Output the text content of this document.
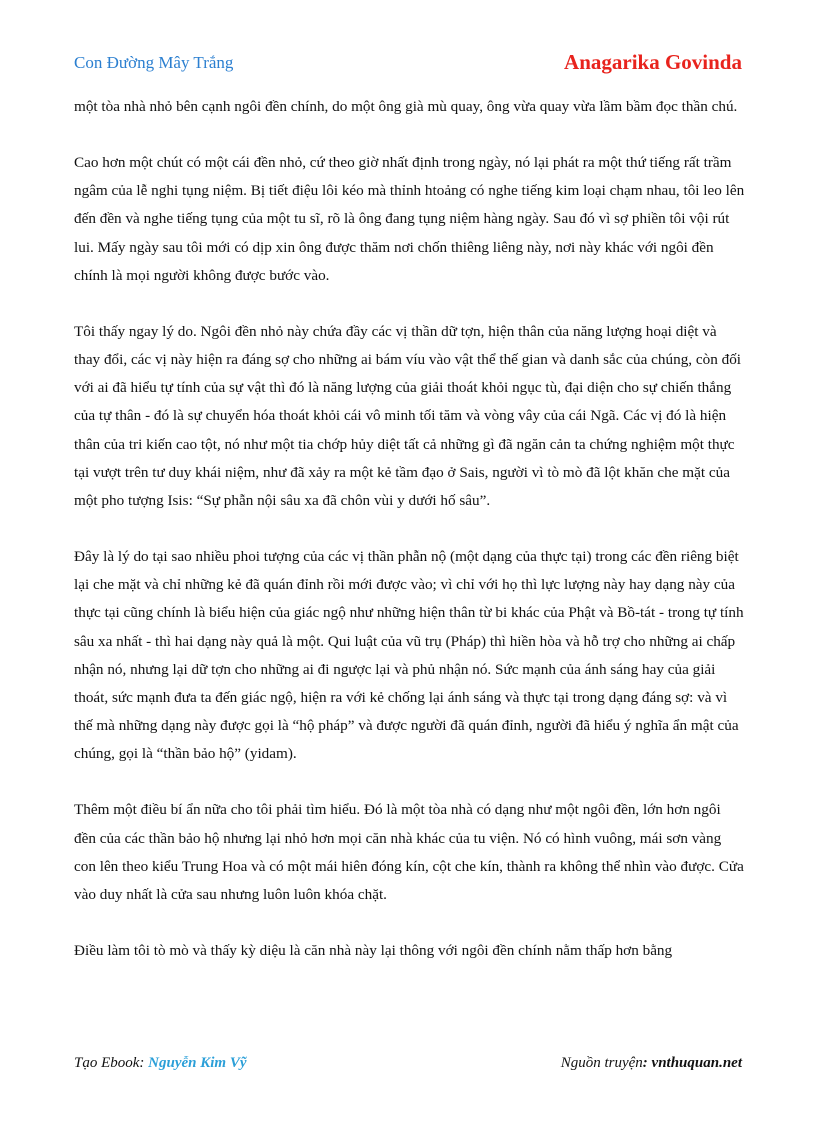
Con Đường Mây Trắng	Anagarika Govinda

một tòa nhà nhỏ bên cạnh ngôi đền chính, do một ông già mù quay, ông vừa quay vừa lầm bầm đọc thần chú.

Cao hơn một chút có một cái đền nhỏ, cứ theo giờ nhất định trong ngày, nó lại phát ra một thứ tiếng rất trầm ngâm của lễ nghi tụng niệm. Bị tiết điệu lôi kéo mà thỉnh htoảng có nghe tiếng kim loại chạm nhau, tôi leo lên đến đền và nghe tiếng tụng của một tu sĩ, rõ là ông đang tụng niệm hàng ngày. Sau đó vì sợ phiền tôi vội rút lui. Mấy ngày sau tôi mới có dịp xin ông được thăm nơi chốn thiêng liêng này, nơi này khác với ngôi đền chính là mọi người không được bước vào.

Tôi thấy ngay lý do. Ngôi đền nhỏ này chứa đầy các vị thần dữ tợn, hiện thân của năng lượng hoại diệt và thay đổi, các vị này hiện ra đáng sợ cho những ai bám víu vào vật thể thế gian và danh sắc của chúng, còn đối với ai đã hiểu tự tính của sự vật thì đó là năng lượng của giải thoát khỏi ngục tù, đại diện cho sự chiến thắng của tự thân - đó là sự chuyển hóa thoát khỏi cái vô minh tối tăm và vòng vây của cái Ngã. Các vị đó là hiện thân của tri kiến cao tột, nó như một tia chớp hủy diệt tất cả những gì đã ngăn cản ta chứng nghiệm một thực tại vượt trên tư duy khái niệm, như đã xảy ra một kẻ tầm đạo ở Sais, người vì tò mò đã lột khăn che mặt của một pho tượng Isis: “Sự phẫn nội sâu xa đã chôn vùi y dưới hố sâu”.

Đây là lý do tại sao nhiều phoi tượng của các vị thần phẫn nộ (một dạng của thực tại) trong các đền riêng biệt lại che mặt và chỉ những kẻ đã quán đỉnh rồi mới được vào; vì chỉ với họ thì lực lượng này hay dạng này của thực tại cũng chính là biểu hiện của giác ngộ như những hiện thân từ bi khác của Phật và Bồ-tát - trong tự tính sâu xa nhất - thì hai dạng này quả là một. Qui luật của vũ trụ (Pháp) thì hiền hòa và hỗ trợ cho những ai chấp nhận nó, nhưng lại dữ tợn cho những ai đi ngược lại và phủ nhận nó. Sức mạnh của ánh sáng hay của giải thoát, sức mạnh đưa ta đến giác ngộ, hiện ra với kẻ chống lại ánh sáng và thực tại trong dạng đáng sợ: và vì thế mà những dạng này được gọi là “hộ pháp” và được người đã quán đỉnh, người đã hiểu ý nghĩa ẩn mật của chúng, gọi là “thần bảo hộ” (yidam).

Thêm một điều bí ẩn nữa cho tôi phải tìm hiểu. Đó là một tòa nhà có dạng như một ngôi đền, lớn hơn ngôi đền của các thần bảo hộ nhưng lại nhỏ hơn mọi căn nhà khác của tu viện. Nó có hình vuông, mái sơn vàng con lên theo kiểu Trung Hoa và có một mái hiên đóng kín, cột che kín, thành ra không thể nhìn vào được. Cửa vào duy nhất là cửa sau nhưng luôn luôn khóa chặt.

Điều làm tôi tò mò và thấy kỳ diệu là căn nhà này lại thông với ngôi đền chính nằm thấp hơn bằng

Tạo Ebook: Nguyễn Kim Vỹ	Nguồn truyện: vnthuquan.net
